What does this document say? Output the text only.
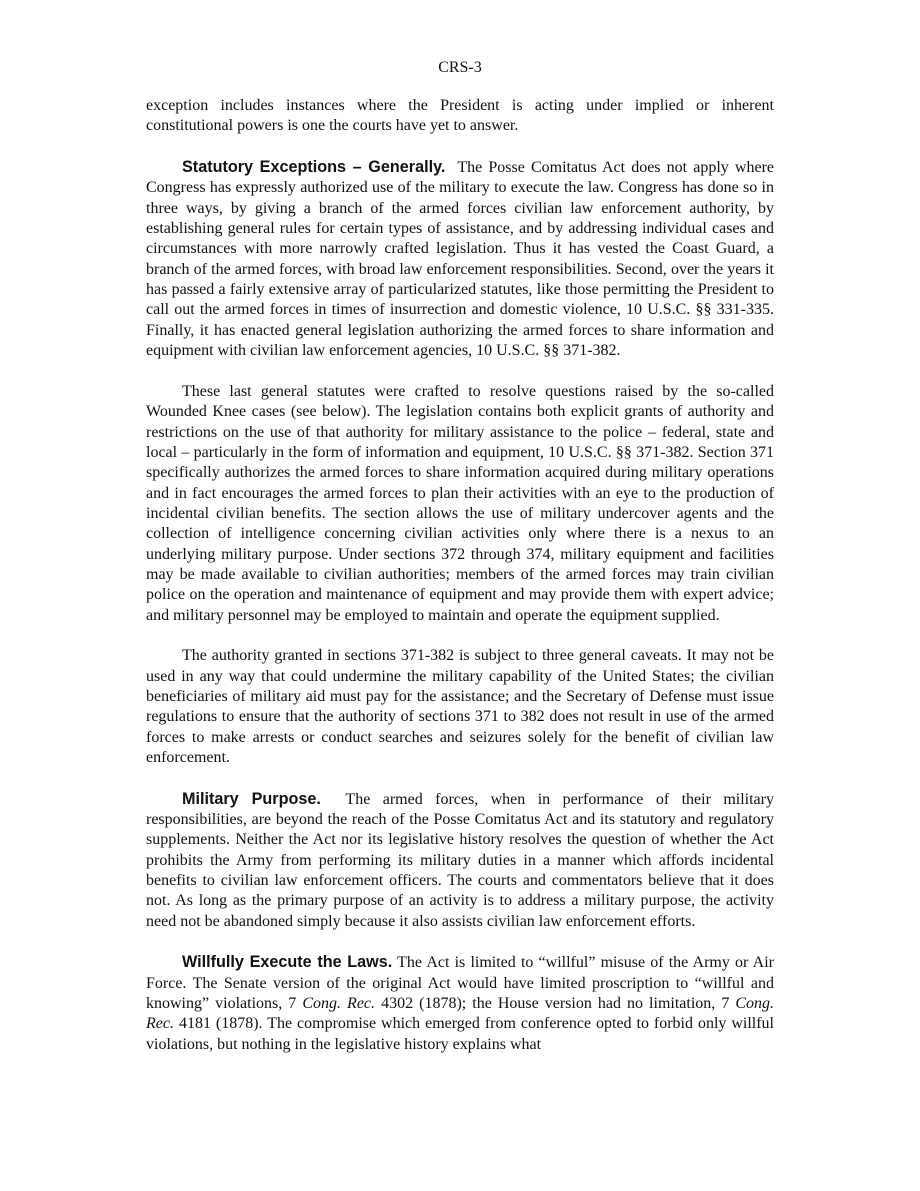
CRS-3

exception includes instances where the President is acting under implied or inherent constitutional powers is one the courts have yet to answer.

Statutory Exceptions – Generally. The Posse Comitatus Act does not apply where Congress has expressly authorized use of the military to execute the law. Congress has done so in three ways, by giving a branch of the armed forces civilian law enforcement authority, by establishing general rules for certain types of assistance, and by addressing individual cases and circumstances with more narrowly crafted legislation. Thus it has vested the Coast Guard, a branch of the armed forces, with broad law enforcement responsibilities. Second, over the years it has passed a fairly extensive array of particularized statutes, like those permitting the President to call out the armed forces in times of insurrection and domestic violence, 10 U.S.C. §§ 331-335. Finally, it has enacted general legislation authorizing the armed forces to share information and equipment with civilian law enforcement agencies, 10 U.S.C. §§ 371-382.

These last general statutes were crafted to resolve questions raised by the so-called Wounded Knee cases (see below). The legislation contains both explicit grants of authority and restrictions on the use of that authority for military assistance to the police – federal, state and local – particularly in the form of information and equipment, 10 U.S.C. §§ 371-382. Section 371 specifically authorizes the armed forces to share information acquired during military operations and in fact encourages the armed forces to plan their activities with an eye to the production of incidental civilian benefits. The section allows the use of military undercover agents and the collection of intelligence concerning civilian activities only where there is a nexus to an underlying military purpose. Under sections 372 through 374, military equipment and facilities may be made available to civilian authorities; members of the armed forces may train civilian police on the operation and maintenance of equipment and may provide them with expert advice; and military personnel may be employed to maintain and operate the equipment supplied.

The authority granted in sections 371-382 is subject to three general caveats. It may not be used in any way that could undermine the military capability of the United States; the civilian beneficiaries of military aid must pay for the assistance; and the Secretary of Defense must issue regulations to ensure that the authority of sections 371 to 382 does not result in use of the armed forces to make arrests or conduct searches and seizures solely for the benefit of civilian law enforcement.

Military Purpose. The armed forces, when in performance of their military responsibilities, are beyond the reach of the Posse Comitatus Act and its statutory and regulatory supplements. Neither the Act nor its legislative history resolves the question of whether the Act prohibits the Army from performing its military duties in a manner which affords incidental benefits to civilian law enforcement officers. The courts and commentators believe that it does not. As long as the primary purpose of an activity is to address a military purpose, the activity need not be abandoned simply because it also assists civilian law enforcement efforts.

Willfully Execute the Laws. The Act is limited to “willful” misuse of the Army or Air Force. The Senate version of the original Act would have limited proscription to “willful and knowing” violations, 7 Cong. Rec. 4302 (1878); the House version had no limitation, 7 Cong. Rec. 4181 (1878). The compromise which emerged from conference opted to forbid only willful violations, but nothing in the legislative history explains what
